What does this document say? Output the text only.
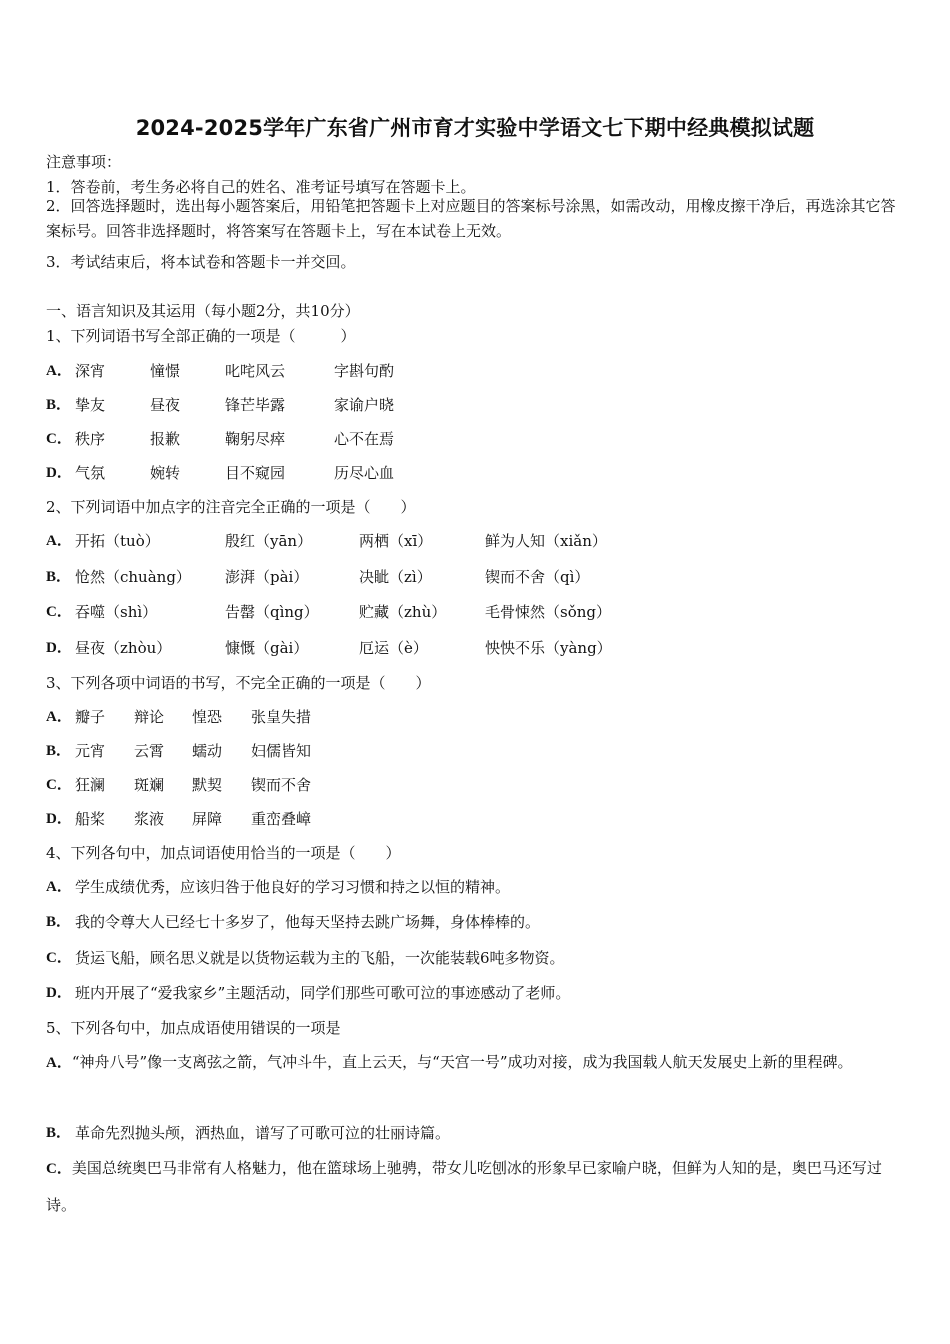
2024-2025学年广东省广州市育才实验中学语文七下期中经典模拟试题
注意事项：
1．答卷前，考生务必将自己的姓名、准考证号填写在答题卡上。
2．回答选择题时，选出每小题答案后，用铅笔把答题卡上对应题目的答案标号涂黑，如需改动，用橡皮擦干净后，再选涂其它答案标号。回答非选择题时，将答案写在答题卡上，写在本试卷上无效。
3．考试结束后，将本试卷和答题卡一并交回。
一、语言知识及其运用（每小题2分，共10分）
1、下列词语书写全部正确的一项是（　　　）
A． 深宵	憧憬	叱咤风云	字斟句酌
B． 挚友	昼夜	锋芒毕露	家谕户晓
C． 秩序	报歉	鞠躬尽瘁	心不在焉
D． 气氛	婉转	目不窥园	历尽心血
2、下列词语中加点字的注音完全正确的一项是（　　）
A． 开拓（tuò）	殷红（yān）	两栖（xī）	鲜为人知（xiǎn）
B． 怆然（chuàng） 澎湃（pài）	决眦（zì）	锲而不舍（qì）
C． 吞噬（shì）	告罄（qìng）	贮藏（zhù）	毛骨悚然（sǒng）
D． 昼夜（zhòu）	慷慨（gài）	厄运（è）	怏怏不乐（yàng）
3、下列各项中词语的书写，不完全正确的一项是（　　）
A． 瓣子 辩论 惶恐 张皇失措
B． 元宵 云霄 蠕动 妇儒皆知
C． 狂澜 斑斓 默契 锲而不舍
D． 船桨 浆液 屏障 重峦叠嶂
4、下列各句中，加点词语使用恰当的一项是（　　）
A． 学生成绩优秀，应该归咎于他良好的学习习惯和持之以恒的精神。
B． 我的令尊大人已经七十多岁了，他每天坚持去跳广场舞，身体棒棒的。
C． 货运飞船，顾名思义就是以货物运载为主的飞船，一次能装载6吨多物资。
D． 班内开展了“爱我家乡”主题活动，同学们那些可歌可泣的事迹感动了老师。
5、下列各句中，加点成语使用错误的一项是
A．“神舟八号”像一支离弦之箭，气冲斗牛，直上云天，与“天宫一号”成功对接，成为我国载人航天发展史上新的里程碑。
B． 革命先烈抛头颅，洒热血，谱写了可歌可泣的壮丽诗篇。
C．美国总统奥巴马非常有人格魅力，他在篮球场上驰骋，带女儿吃刨冰的形象早已家喻户晓，但鲜为人知的是，奥巴马还写过诗。
